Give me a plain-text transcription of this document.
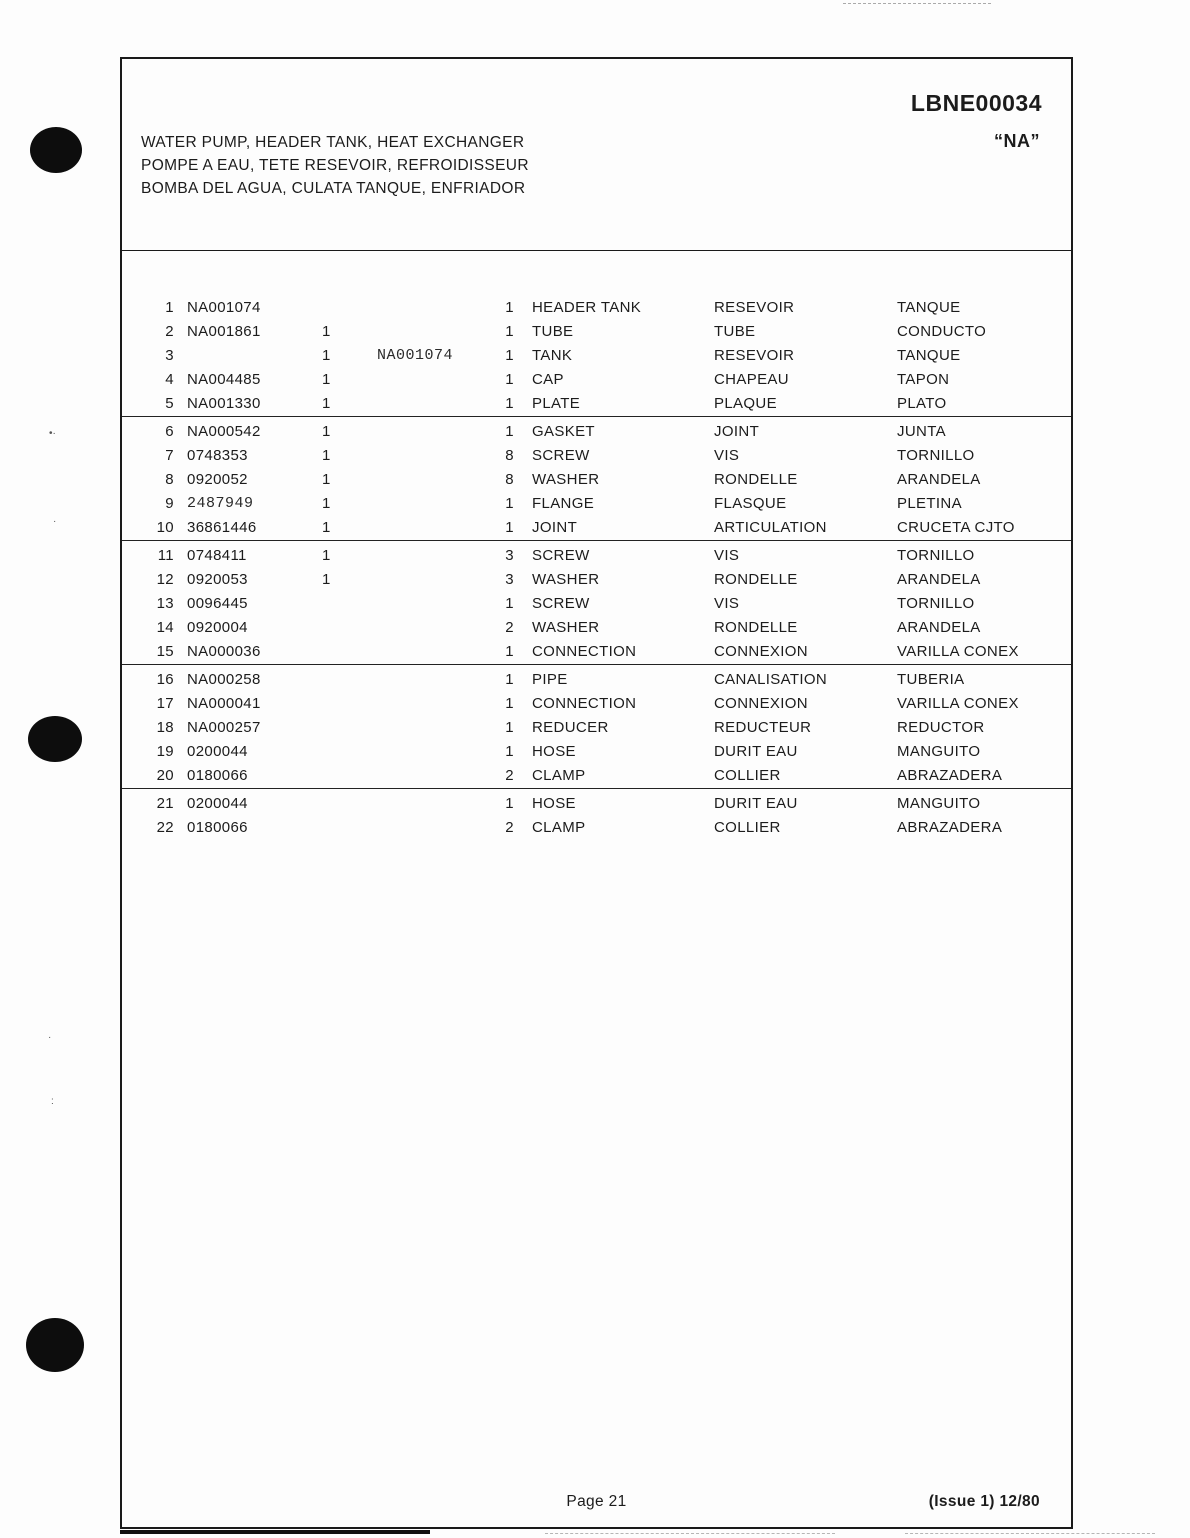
•·
·
·
:
LBNE00034
“NA”
WATER PUMP, HEADER TANK, HEAT EXCHANGER
POMPE A EAU, TETE RESEVOIR, REFROIDISSEUR
BOMBA DEL AGUA, CULATA TANQUE, ENFRIADOR
1 NA001074	1 HEADER TANK	RESEVOIR	TANQUE
2 NA001861	1	1 TUBE	TUBE	CONDUCTO
3	1	NA001074	1 TANK	RESEVOIR	TANQUE
4 NA004485	1	1 CAP	CHAPEAU	TAPON
5 NA001330	1	1 PLATE	PLAQUE	PLATO
6 NA000542	1	1 GASKET	JOINT	JUNTA
7 0748353	1	8 SCREW	VIS	TORNILLO
8 0920052	1	8 WASHER	RONDELLE	ARANDELA
9 2487949	1	1 FLANGE	FLASQUE	PLETINA
10 36861446	1	1 JOINT	ARTICULATION	CRUCETA CJTO
11 0748411	1	3 SCREW	VIS	TORNILLO
12 0920053	1	3 WASHER	RONDELLE	ARANDELA
13 0096445	1 SCREW	VIS	TORNILLO
14 0920004	2 WASHER	RONDELLE	ARANDELA
15 NA000036	1 CONNECTION	CONNEXION	VARILLA CONEX
16 NA000258	1 PIPE	CANALISATION	TUBERIA
17 NA000041	1 CONNECTION	CONNEXION	VARILLA CONEX
18 NA000257	1 REDUCER	REDUCTEUR	REDUCTOR
19 0200044	1 HOSE	DURIT EAU	MANGUITO
20 0180066	2 CLAMP	COLLIER	ABRAZADERA
21 0200044	1 HOSE	DURIT EAU	MANGUITO
22 0180066	2 CLAMP	COLLIER	ABRAZADERA
Page 21	(Issue 1) 12/80
